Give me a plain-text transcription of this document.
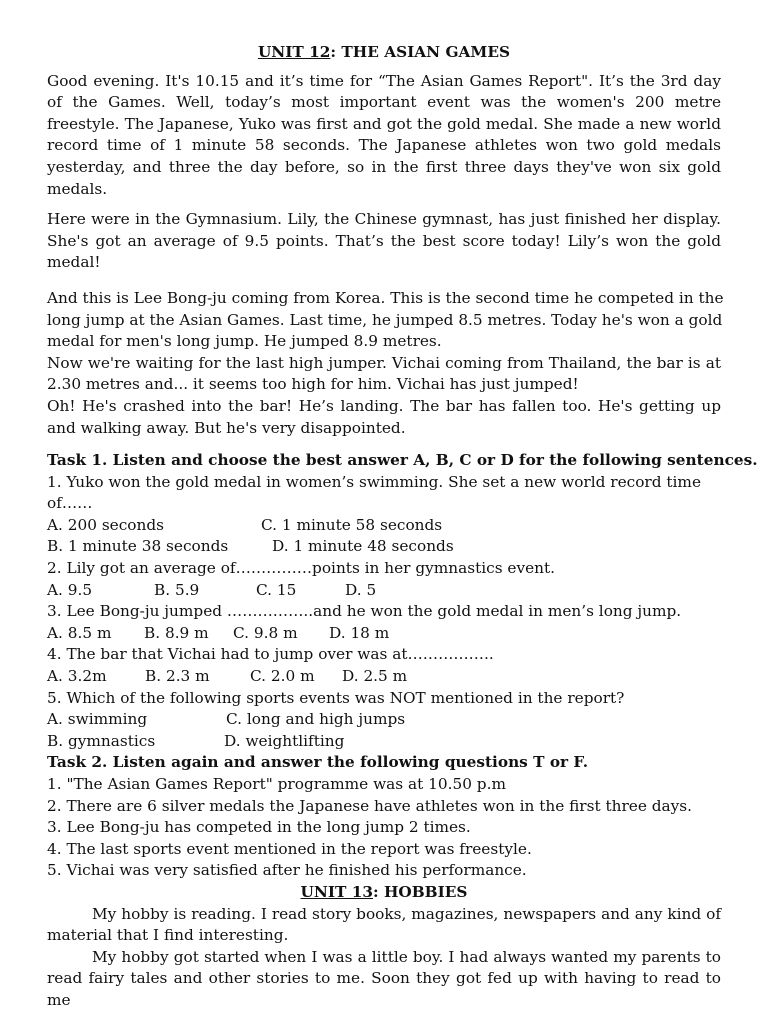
UNIT 12: THE ASIAN GAMES

Good evening. It's 10.15 and it’s time for “The Asian Games Report". It’s the 3rd day of the Games. Well, today’s most important event was the women's 200 metre freestyle. The Japanese, Yuko was first and got the gold medal. She made a new world record time of 1 minute 58 seconds. The Japanese athletes won two gold medals yesterday, and three the day before, so in the first three days they've won six gold medals.

Here were in the Gymnasium. Lily, the Chinese gymnast, has just finished her display. She's got an average of 9.5 points. That’s the best score today! Lily’s won the gold medal!

And this is Lee Bong-ju coming from Korea. This is the second time he competed in the
long jump at the Asian Games. Last time, he jumped 8.5 metres. Today he's won a gold
medal for men's long jump. He jumped 8.9 metres.

Now we're waiting for the last high jumper. Vichai coming from Thailand, the bar is at 2.30 metres and... it seems too high for him. Vichai has just jumped!

Oh! He's crashed into the bar! He’s landing. The bar has fallen too. He's getting up and walking away. But he's very disappointed.

Task 1. Listen and choose the best answer A, B, C or D for the following sentences.

1. Yuko won the gold medal in women’s swimming. She set a new world record time

of……

A. 200 seconds	C. 1 minute 58 seconds
B. 1 minute 38 seconds	D. 1 minute 48 seconds

2. Lily got an average of……………points in her gymnastics event.

A. 9.5	B. 5.9	C. 15	D. 5

3. Lee Bong-ju jumped ……………..and he won the gold medal in men’s long jump.

A. 8.5 m	B. 8.9 m	C. 9.8 m	D. 18 m

4. The bar that Vichai had to jump over was at……………..

A. 3.2m	B. 2.3 m	C. 2.0 m	D. 2.5 m

5. Which of the following sports events was NOT mentioned in the report?

A. swimming	C. long and high jumps
B. gymnastics	D. weightlifting

Task 2. Listen again and answer the following questions T or F.

1. "The Asian Games Report" programme was at 10.50 p.m

2. There are 6 silver medals the Japanese have athletes won in the first three days.

3. Lee Bong-ju has competed in the long jump 2 times.

4. The last sports event mentioned in the report was freestyle.

5. Vichai was very satisfied after he finished his performance.

UNIT 13: HOBBIES

My hobby is reading. I read story books, magazines, newspapers and any kind of material that I find interesting.

My hobby got started when I was a little boy. I had always wanted my parents to read fairy tales and other stories to me. Soon they got fed up with having to read to me
